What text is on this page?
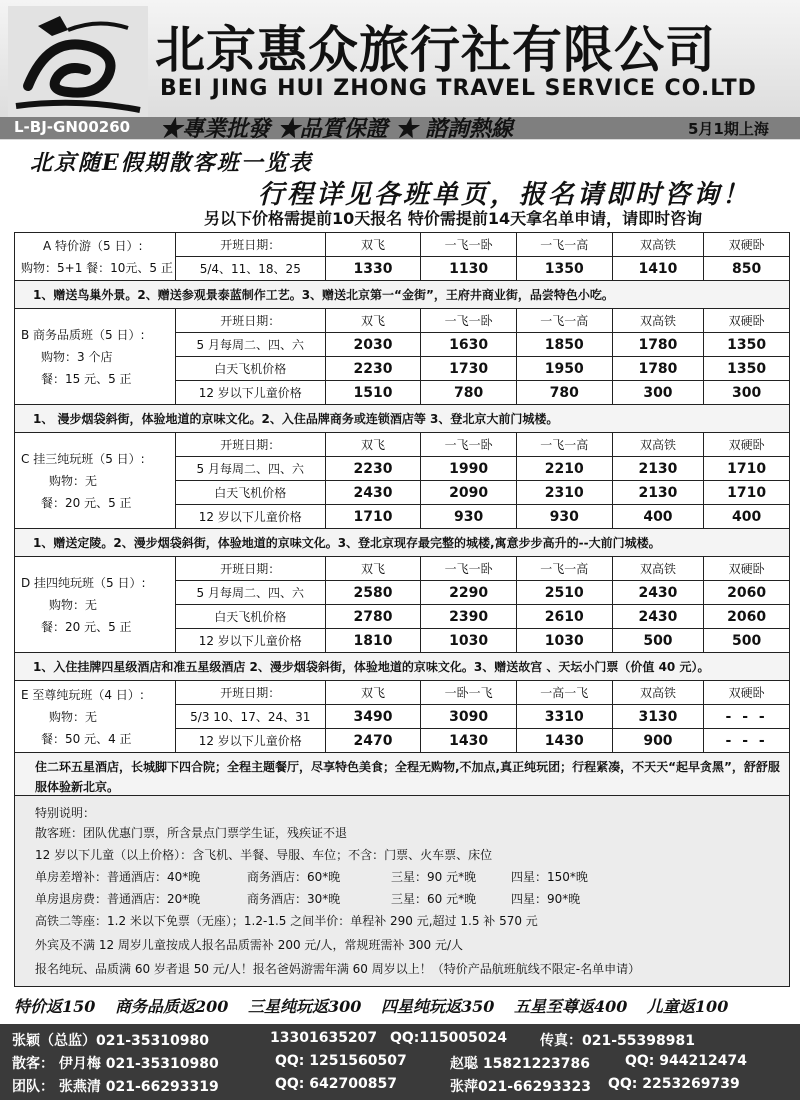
北京惠众旅行社有限公司
BEI JING HUI ZHONG TRAVEL SERVICE CO.LTD
L-BJ-GN00260 ★專業批發 ★品質保證 ★ 諮詢熱線	5月1期上海
北京随E假期散客班一览表
行程详见各班单页，报名请即时咨询！
另以下价格需提前10天报名 特价需提前14天拿名单申请，请即时咨询
A 特价游（5 日）:
购物：5+1 餐：10元、5 正	开班日期：	双飞	一飞一卧	一飞一高	双高铁	双硬卧
	5/4、11、18、25	1330	1130	1350	1410	850
1、赠送鸟巢外景。2、赠送参观景泰蓝制作工艺。3、赠送北京第一“金街”，王府井商业街，品尝特色小吃。						

B 商务品质班（5 日）:
购物：3 个店
餐：15 元、5 正	开班日期：	双飞	一飞一卧	一飞一高	双高铁	双硬卧
	5 月每周二、四、六	2030	1630	1850	1780	1350
	白天飞机价格	2230	1730	1950	1780	1350
	12 岁以下儿童价格	1510	780	780	300	300
1、 漫步烟袋斜街，体验地道的京味文化。2、入住品牌商务或连锁酒店等 3、登北京大前门城楼。						

C 挂三纯玩班（5 日）:
购物：无
餐：20 元、5 正	开班日期：	双飞	一飞一卧	一飞一高	双高铁	双硬卧
	5 月每周二、四、六	2230	1990	2210	2130	1710
	白天飞机价格	2430	2090	2310	2130	1710
	12 岁以下儿童价格	1710	930	930	400	400
1、赠送定陵。2、漫步烟袋斜街，体验地道的京味文化。3、登北京现存最完整的城楼,寓意步步高升的--大前门城楼。						

D 挂四纯玩班（5 日）:
购物：无
餐：20 元、5 正	开班日期：	双飞	一飞一卧	一飞一高	双高铁	双硬卧
	5 月每周二、四、六	2580	2290	2510	2430	2060
	白天飞机价格	2780	2390	2610	2430	2060
	12 岁以下儿童价格	1810	1030	1030	500	500
1、入住挂牌四星级酒店和准五星级酒店 2、漫步烟袋斜街，体验地道的京味文化。3、赠送故宫 、天坛小门票（价值 40 元）。						

E 至尊纯玩班（4 日）:
购物：无
餐：50 元、4 正	开班日期：	双飞	一卧一飞	一高一飞	双高铁	双硬卧
	5/3 10、17、24、31	3490	3090	3310	3130	- - -
	12 岁以下儿童价格	2470	1430	1430	900	- - -
住二环五星酒店，长城脚下四合院；全程主题餐厅，尽享特色美食；全程无购物,不加点,真正纯玩团；行程紧凑，不天天“起早贪黑”，舒舒服服体验新北京。						
特别说明：
散客班：团队优惠门票，所含景点门票学生证，残疾证不退
12 岁以下儿童（以上价格）：含飞机、半餐、导服、车位；不含：门票、火车票、床位
单房差增补：普通酒店：40*晚	商务酒店：60*晚	三星：90 元*晚	四星：150*晚
单房退房费：普通酒店：20*晚	商务酒店：30*晚	三星：60 元*晚	四星：90*晚
高铁二等座：1.2 米以下免票（无座）；1.2-1.5 之间半价：单程补 290 元,超过 1.5 补 570 元
外宾及不满 12 周岁儿童按成人报名品质需补 200 元/人，常规班需补 300 元/人
报名纯玩、品质满 60 岁者退 50 元/人！报名爸妈游需年满 60 周岁以上！（特价产品航班航线不限定-名单申请）
特价返150 商务品质返200 三星纯玩返300 四星纯玩返350 五星至尊返400 儿童返100
张颖（总监）021-35310980	13301635207 QQ:115005024 传真：021-55398981
散客： 伊月梅 021-35310980	QQ: 1251560507	赵聪 15821223786 QQ: 944212474
团队： 张燕清 021-66293319	QQ: 642700857	张萍021-66293323 QQ: 2253269739
